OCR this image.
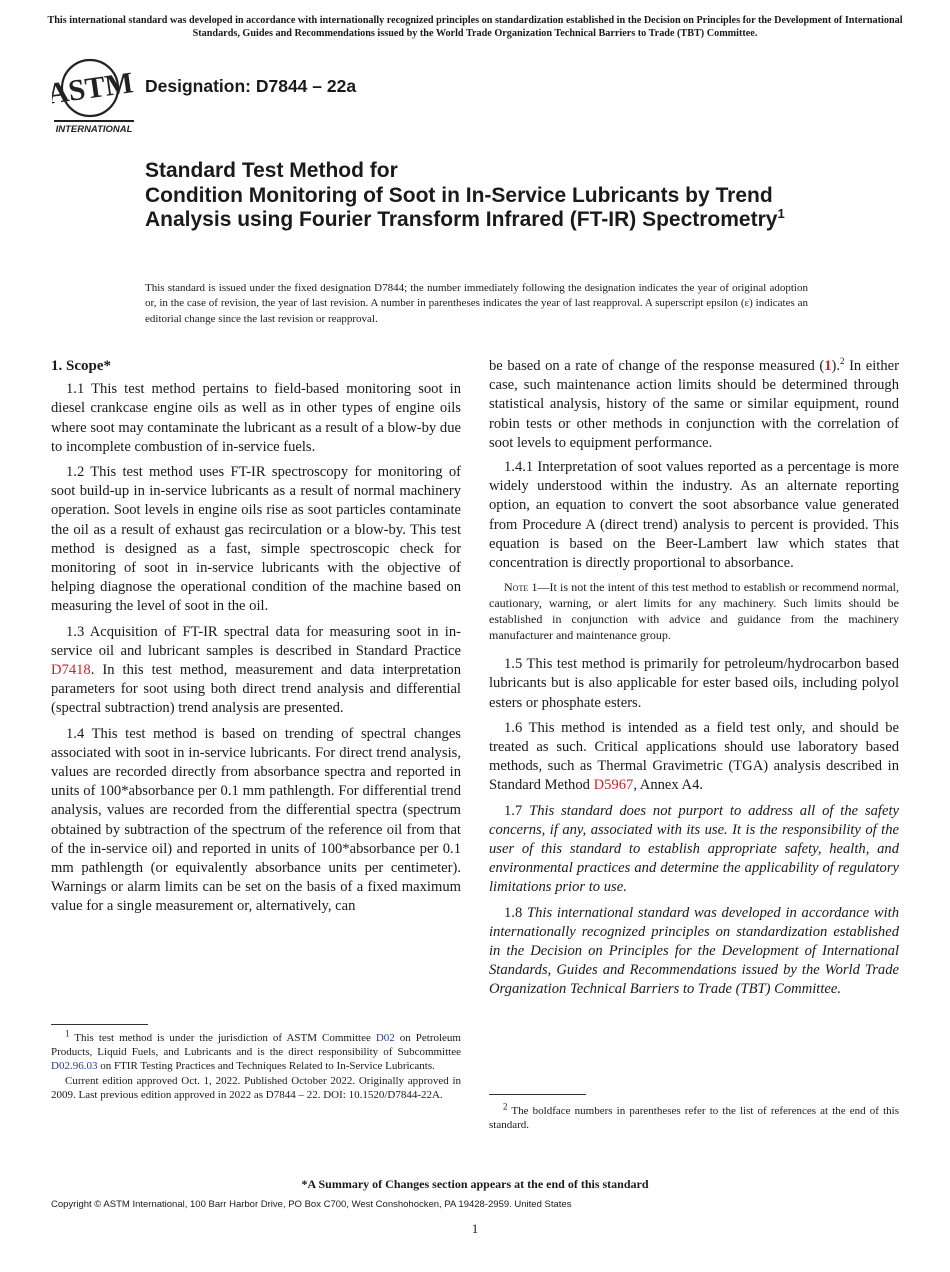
This international standard was developed in accordance with internationally recognized principles on standardization established in the Decision on Principles for the Development of International Standards, Guides and Recommendations issued by the World Trade Organization Technical Barriers to Trade (TBT) Committee.
ASTM
INTERNATIONAL
Designation: D7844 – 22a
Standard Test Method for
Condition Monitoring of Soot in In-Service Lubricants by Trend Analysis using Fourier Transform Infrared (FT-IR) Spectrometry$^1$
This standard is issued under the fixed designation D7844; the number immediately following the designation indicates the year of original adoption or, in the case of revision, the year of last revision. A number in parentheses indicates the year of last reapproval. A superscript epsilon (ε) indicates an editorial change since the last revision or reapproval.
1. Scope*

1.1 This test method pertains to field-based monitoring soot in diesel crankcase engine oils as well as in other types of engine oils where soot may contaminate the lubricant as a result of a blow-by due to incomplete combustion of in-service fuels.

1.2 This test method uses FT-IR spectroscopy for monitoring of soot build-up in in-service lubricants as a result of normal machinery operation. Soot levels in engine oils rise as soot particles contaminate the oil as a result of exhaust gas recirculation or a blow-by. This test method is designed as a fast, simple spectroscopic check for monitoring of soot in in-service lubricants with the objective of helping diagnose the operational condition of the machine based on measuring the level of soot in the oil.

1.3 Acquisition of FT-IR spectral data for measuring soot in in-service oil and lubricant samples is described in Standard Practice D7418. In this test method, measurement and data interpretation parameters for soot using both direct trend analysis and differential (spectral subtraction) trend analysis are presented.

1.4 This test method is based on trending of spectral changes associated with soot in in-service lubricants. For direct trend analysis, values are recorded directly from absorbance spectra and reported in units of 100*absorbance per 0.1 mm pathlength. For differential trend analysis, values are recorded from the differential spectra (spectrum obtained by subtraction of the spectrum of the reference oil from that of the in-service oil) and reported in units of 100*absorbance per 0.1 mm pathlength (or equivalently absorbance units per centimeter). Warnings or alarm limits can be set on the basis of a fixed maximum value for a single measurement or, alternatively, can

be based on a rate of change of the response measured (1).$^2$ In either case, such maintenance action limits should be determined through statistical analysis, history of the same or similar equipment, round robin tests or other methods in conjunction with the correlation of soot levels to equipment performance.

1.4.1 Interpretation of soot values reported as a percentage is more widely understood within the industry. As an alternate reporting option, an equation to convert the soot absorbance value generated from Procedure A (direct trend) analysis to percent is provided. This equation is based on the Beer-Lambert law which states that concentration is directly proportional to absorbance.

Note 1—It is not the intent of this test method to establish or recommend normal, cautionary, warning, or alert limits for any machinery. Such limits should be established in conjunction with advice and guidance from the machinery manufacturer and maintenance group.

1.5 This test method is primarily for petroleum/hydrocarbon based lubricants but is also applicable for ester based oils, including polyol esters or phosphate esters.

1.6 This method is intended as a field test only, and should be treated as such. Critical applications should use laboratory based methods, such as Thermal Gravimetric (TGA) analysis described in Standard Method D5967, Annex A4.

1.7 This standard does not purport to address all of the safety concerns, if any, associated with its use. It is the responsibility of the user of this standard to establish appropriate safety, health, and environmental practices and determine the applicability of regulatory limitations prior to use.

1.8 This international standard was developed in accordance with internationally recognized principles on standardization established in the Decision on Principles for the Development of International Standards, Guides and Recommendations issued by the World Trade Organization Technical Barriers to Trade (TBT) Committee.

$^1$ This test method is under the jurisdiction of ASTM Committee D02 on Petroleum Products, Liquid Fuels, and Lubricants and is the direct responsibility of Subcommittee D02.96.03 on FTIR Testing Practices and Techniques Related to In-Service Lubricants.

Current edition approved Oct. 1, 2022. Published October 2022. Originally approved in 2009. Last previous edition approved in 2022 as D7844 – 22. DOI: 10.1520/D7844-22A.

$^2$ The boldface numbers in parentheses refer to the list of references at the end of this standard.

*A Summary of Changes section appears at the end of this standard
Copyright © ASTM International, 100 Barr Harbor Drive, PO Box C700, West Conshohocken, PA 19428-2959. United States
1
